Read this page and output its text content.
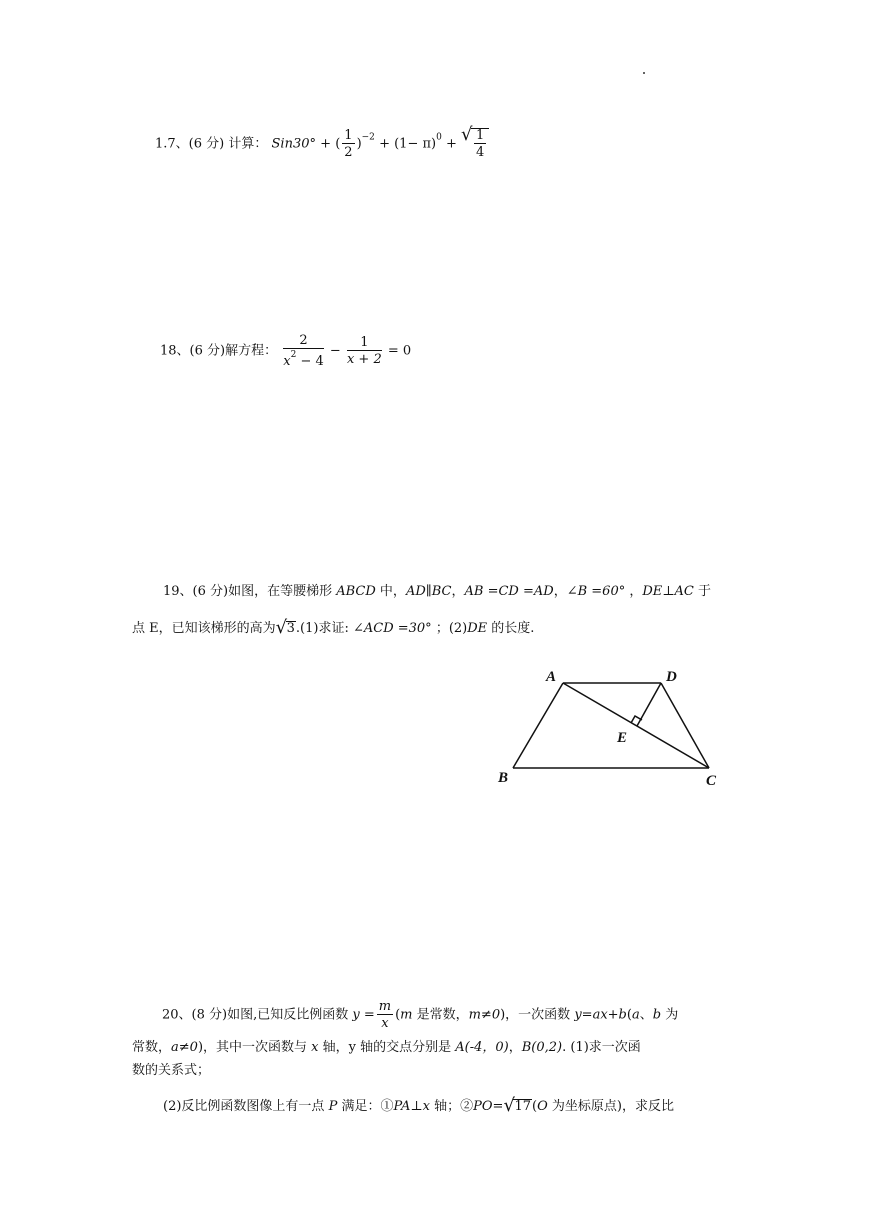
1.7、(6 分) 计算： Sin30° + ( $\frac{1}{2} )^{-2} + (1- \pi)^0$ + √ $\frac{1}{4}$
18、(6 分)解方程： $\frac{2}{x^2 - 4} - \frac{1}{x + 2} = 0$
19、(6 分)如图，在等腰梯形 ABCD 中，AD∥BC，AB =CD =AD，∠B =60° ，DE⊥AC 于
点 E，已知该梯形的高为 √ 3.(1)求证: ∠ACD =30° ；(2)DE 的长度.
A	D
E
B	C
20、(8 分)如图,已知反比例函数 $y = \frac{m}{x} (m$ 是常数，m≠0)，一次函数 y=ax+b(a、b 为
常数，a≠0)，其中一次函数与 x 轴，y 轴的交点分别是 A(-4，0)，B(0,2). (1)求一次函
数的关系式；
(2)反比例函数图像上有一点 P 满足：①PA⊥x 轴；②PO= √ 17(O 为坐标原点)，求反比
